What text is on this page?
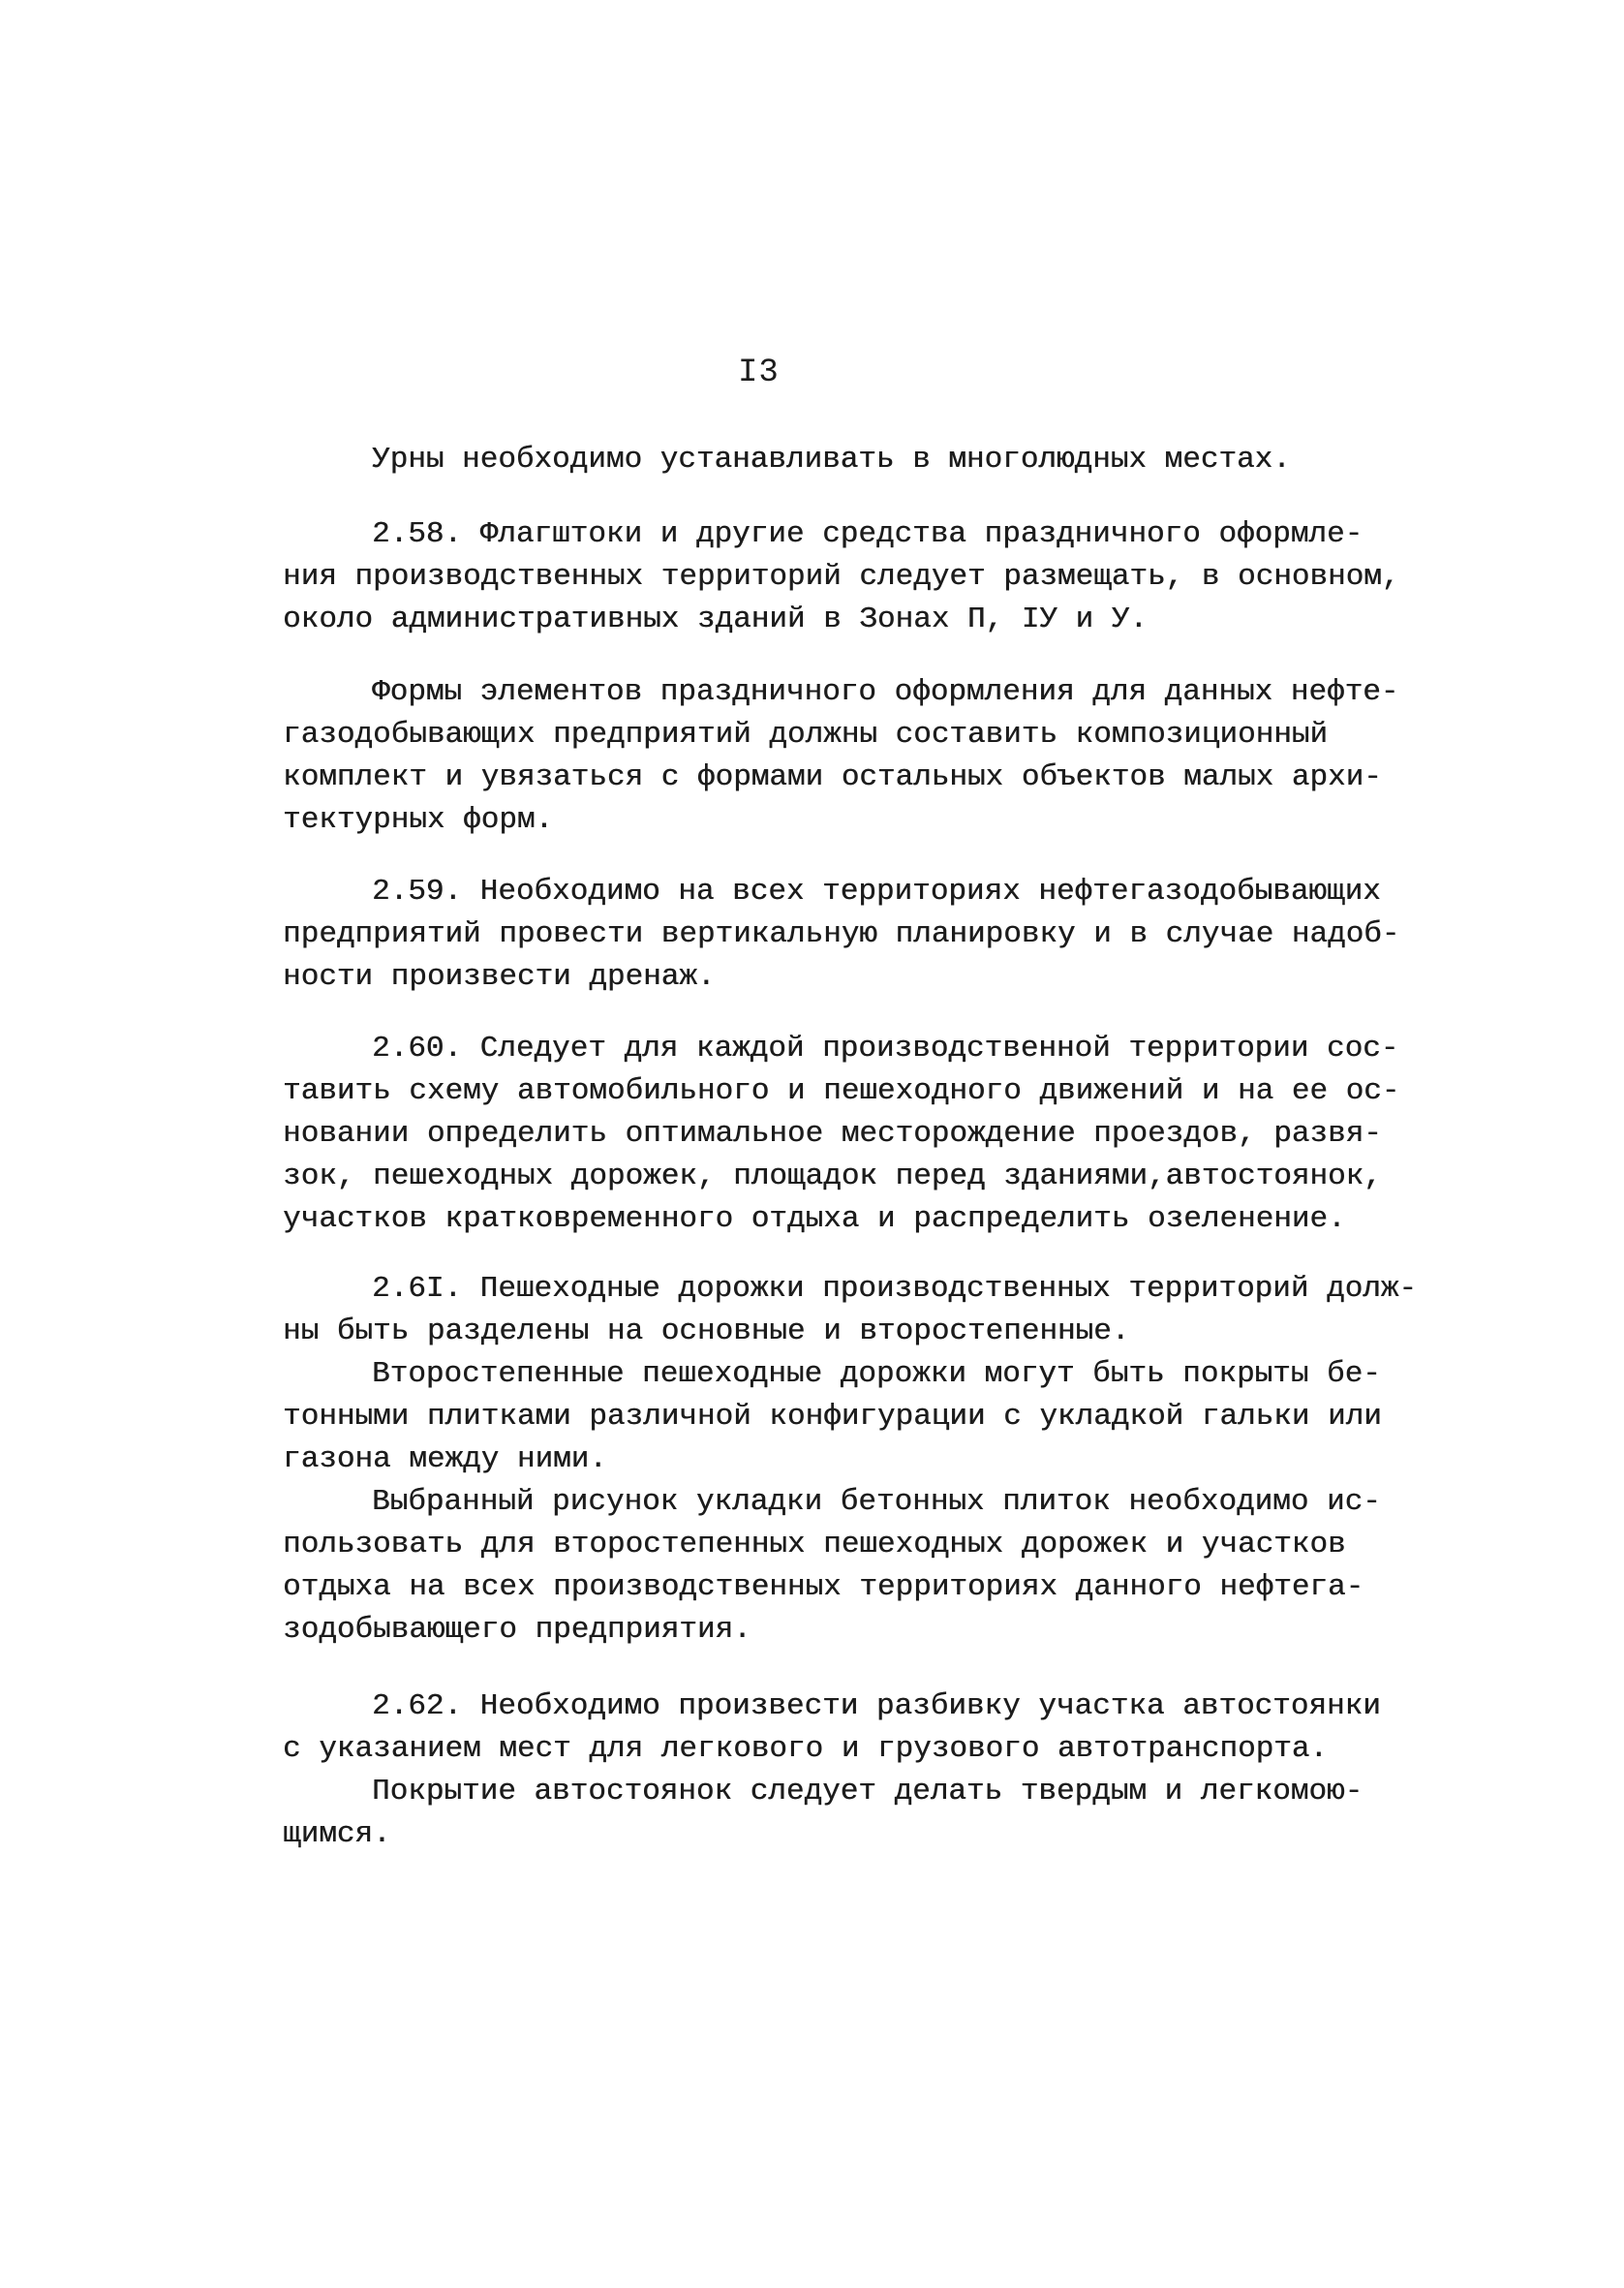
I3
Урны необходимо устанавливать в многолюдных местах.
2.58. Флагштоки и другие средства праздничного оформле-
ния производственных территорий следует размещать, в основном,
около административных зданий в Зонах П, IУ и У.
Формы элементов праздничного оформления для данных нефте-
газодобывающих предприятий должны составить композиционный
комплект и увязаться с формами остальных объектов малых архи-
тектурных форм.
2.59. Необходимо на всех территориях нефтегазодобывающих
предприятий провести вертикальную планировку и в случае надоб-
ности произвести дренаж.
2.60. Следует для каждой производственной территории сос-
тавить схему автомобильного и пешеходного движений и на ее ос-
новании определить оптимальное месторождение проездов, развя-
зок, пешеходных дорожек, площадок перед зданиями,автостоянок,
участков кратковременного отдыха и распределить озеленение.
2.6I. Пешеходные дорожки производственных территорий долж-
ны быть разделены на основные и второстепенные.
Второстепенные пешеходные дорожки могут быть покрыты бе-
тонными плитками различной конфигурации с укладкой гальки или
газона между ними.
Выбранный рисунок укладки бетонных плиток необходимо ис-
пользовать для второстепенных пешеходных дорожек и участков
отдыха на всех производственных территориях данного нефтега-
зодобывающего предприятия.
2.62. Необходимо произвести разбивку участка автостоянки
с указанием мест для легкового и грузового автотранспорта.
Покрытие автостоянок следует делать твердым и легкомою-
щимся.
